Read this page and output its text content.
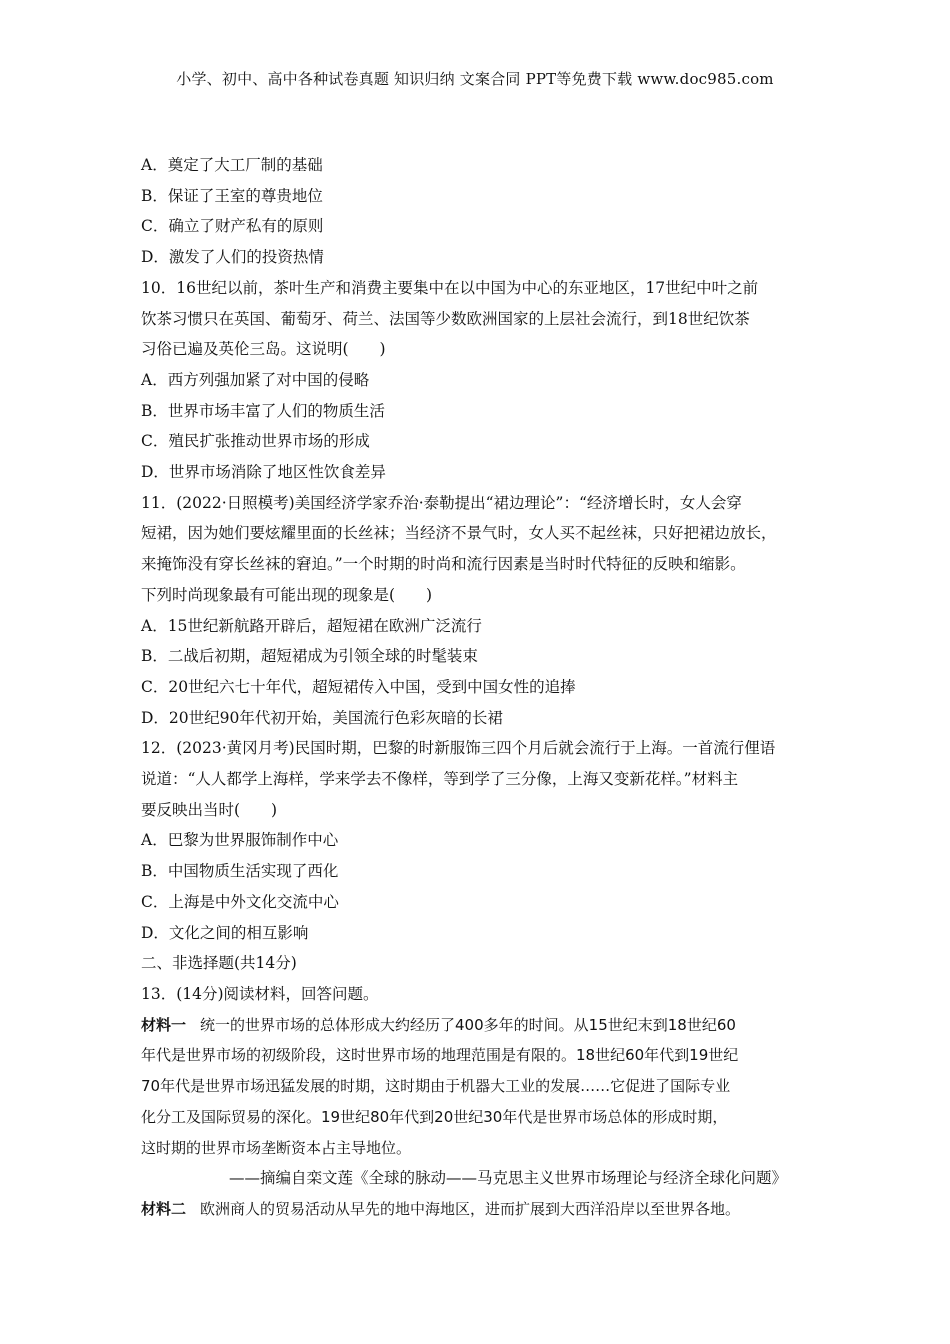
小学、初中、高中各种试卷真题 知识归纳 文案合同 PPT等免费下载 www.doc985.com
A．奠定了大工厂制的基础
B．保证了王室的尊贵地位
C．确立了财产私有的原则
D．激发了人们的投资热情
10．16世纪以前，茶叶生产和消费主要集中在以中国为中心的东亚地区，17世纪中叶之前
饮茶习惯只在英国、葡萄牙、荷兰、法国等少数欧洲国家的上层社会流行，到18世纪饮茶
习俗已遍及英伦三岛。这说明(　　)
A．西方列强加紧了对中国的侵略
B．世界市场丰富了人们的物质生活
C．殖民扩张推动世界市场的形成
D．世界市场消除了地区性饮食差异
11．(2022·日照模考)美国经济学家乔治·泰勒提出“裙边理论”：“经济增长时，女人会穿
短裙，因为她们要炫耀里面的长丝袜；当经济不景气时，女人买不起丝袜，只好把裙边放长，
来掩饰没有穿长丝袜的窘迫。”一个时期的时尚和流行因素是当时时代特征的反映和缩影。
下列时尚现象最有可能出现的现象是(　　)
A．15世纪新航路开辟后，超短裙在欧洲广泛流行
B．二战后初期，超短裙成为引领全球的时髦装束
C．20世纪六七十年代，超短裙传入中国，受到中国女性的追捧
D．20世纪90年代初开始，美国流行色彩灰暗的长裙
12．(2023·黄冈月考)民国时期，巴黎的时新服饰三四个月后就会流行于上海。一首流行俚语
说道：“人人都学上海样，学来学去不像样，等到学了三分像，上海又变新花样。”材料主
要反映出当时(　　)
A．巴黎为世界服饰制作中心
B．中国物质生活实现了西化
C．上海是中外文化交流中心
D．文化之间的相互影响
二、非选择题(共14分)
13．(14分)阅读材料，回答问题。
材料一 统一的世界市场的总体形成大约经历了400多年的时间。从15世纪末到18世纪60
年代是世界市场的初级阶段，这时世界市场的地理范围是有限的。18世纪60年代到19世纪
70年代是世界市场迅猛发展的时期，这时期由于机器大工业的发展……它促进了国际专业
化分工及国际贸易的深化。19世纪80年代到20世纪30年代是世界市场总体的形成时期，
这时期的世界市场垄断资本占主导地位。
——摘编自栾文莲《全球的脉动——马克思主义世界市场理论与经济全球化问题》
材料二 欧洲商人的贸易活动从早先的地中海地区，进而扩展到大西洋沿岸以至世界各地。
